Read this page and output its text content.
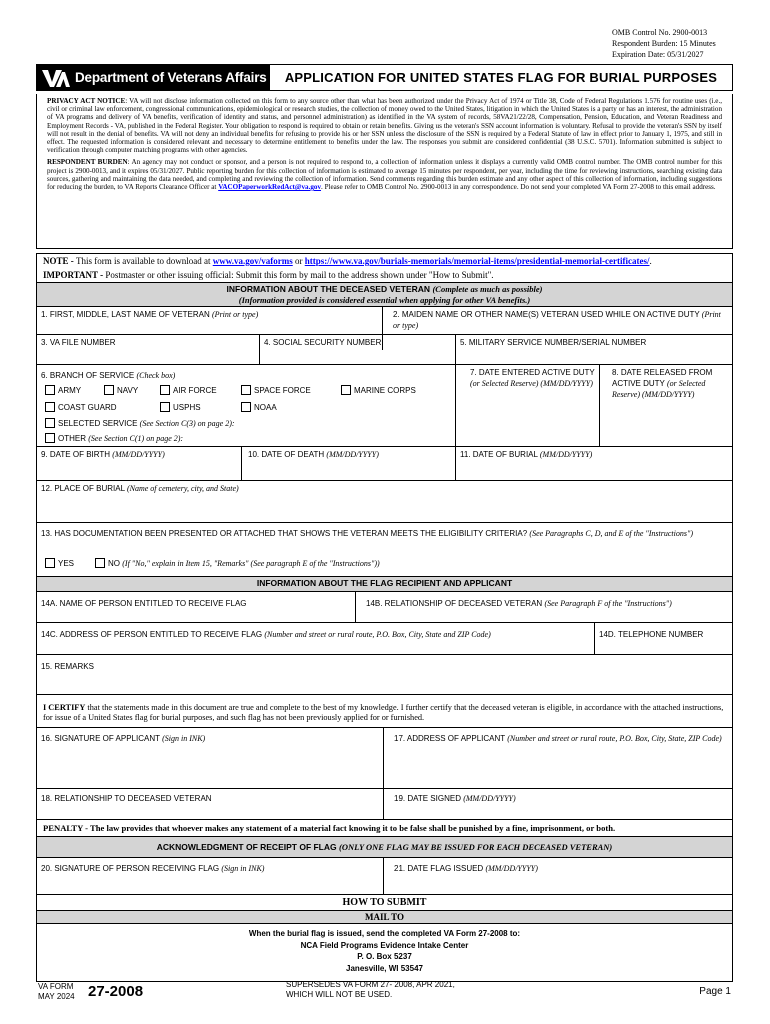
OMB Control No. 2900-0013
Respondent Burden: 15 Minutes
Expiration Date: 05/31/2027
Department of Veterans Affairs	APPLICATION FOR UNITED STATES FLAG FOR BURIAL PURPOSES

PRIVACY ACT NOTICE: VA will not disclose information collected on this form to any source other than what has been authorized under the Privacy Act of 1974 or Title 38, Code of Federal Regulations 1.576 for routine uses (i.e., civil or criminal law enforcement, congressional communications, epidemiological or research studies, the collection of money owed to the United States, litigation in which the United States is a party or has an interest, the administration of VA programs and delivery of VA benefits, verification of identity and status, and personnel administration) as identified in the VA system of records, 58VA21/22/28, Compensation, Pension, Education, and Veteran Readiness and Employment Records - VA, published in the Federal Register. Your obligation to respond is required to obtain or retain benefits. Giving us the veteran's SSN account information is voluntary. Refusal to provide the veteran's SSN by itself will not result in the denial of benefits. VA will not deny an individual benefits for refusing to provide his or her SSN unless the disclosure of the SSN is required by a Federal Statute of law in effect prior to January 1, 1975, and still in effect. The requested information is considered relevant and necessary to determine entitlement to benefits under the law. The responses you submit are considered confidential (38 U.S.C. 5701). Information submitted is subject to verification through computer matching programs with other agencies.

RESPONDENT BURDEN: An agency may not conduct or sponsor, and a person is not required to respond to, a collection of information unless it displays a currently valid OMB control number. The OMB control number for this project is 2900-0013, and it expires 05/31/2027. Public reporting burden for this collection of information is estimated to average 15 minutes per respondent, per year, including the time for reviewing instructions, searching existing data sources, gathering and maintaining the data needed, and completing and reviewing the collection of information. Send comments regarding this burden estimate and any other aspect of this collection of information, including suggestions for reducing the burden, to VA Reports Clearance Officer at VACOPaperworkRedAct@va.gov. Please refer to OMB Control No. 2900-0013 in any correspondence. Do not send your completed VA Form 27-2008 to this email address.

NOTE - This form is available to download at www.va.gov/vaforms or https://www.va.gov/burials-memorials/memorial-items/presidential-memorial-certificates/.
IMPORTANT - Postmaster or other issuing official: Submit this form by mail to the address shown under "How to Submit".
INFORMATION ABOUT THE DECEASED VETERAN (Complete as much as possible)
(Information provided is considered essential when applying for other VA benefits.)
1. FIRST, MIDDLE, LAST NAME OF VETERAN (Print or type)	2. MAIDEN NAME OR OTHER NAME(S) VETERAN USED WHILE ON ACTIVE DUTY (Print or type)
3. VA FILE NUMBER	4. SOCIAL SECURITY NUMBER	5. MILITARY SERVICE NUMBER/SERIAL NUMBER
6. BRANCH OF SERVICE (Check box)
ARMY	NAVY	AIR FORCE	SPACE FORCE	MARINE CORPS
COAST GUARD	USPHS	NOAA
SELECTED SERVICE (See Section C(3) on page 2):
OTHER (See Section C(1) on page 2):
7. DATE ENTERED ACTIVE DUTY (or Selected Reserve) (MM/DD/YYYY)
8. DATE RELEASED FROM ACTIVE DUTY (or Selected Reserve) (MM/DD/YYYY)
9. DATE OF BIRTH (MM/DD/YYYY)	10. DATE OF DEATH (MM/DD/YYYY)	11. DATE OF BURIAL (MM/DD/YYYY)
12. PLACE OF BURIAL (Name of cemetery, city, and State)
13. HAS DOCUMENTATION BEEN PRESENTED OR ATTACHED THAT SHOWS THE VETERAN MEETS THE ELIGIBILITY CRITERIA? (See Paragraphs C, D, and E of the "Instructions")
YES	NO (If "No," explain in Item 15, "Remarks" (See paragraph E of the "Instructions"))
INFORMATION ABOUT THE FLAG RECIPIENT AND APPLICANT
14A. NAME OF PERSON ENTITLED TO RECEIVE FLAG	14B. RELATIONSHIP OF DECEASED VETERAN (See Paragraph F of the "Instructions")
14C. ADDRESS OF PERSON ENTITLED TO RECEIVE FLAG (Number and street or rural route, P.O. Box, City, State and ZIP Code)	14D. TELEPHONE NUMBER
15. REMARKS
I CERTIFY that the statements made in this document are true and complete to the best of my knowledge. I further certify that the deceased veteran is eligible, in accordance with the attached instructions, for issue of a United States flag for burial purposes, and such flag has not been previously applied for or furnished.
16. SIGNATURE OF APPLICANT (Sign in INK)	17. ADDRESS OF APPLICANT (Number and street or rural route, P.O. Box, City, State, ZIP Code)
18. RELATIONSHIP TO DECEASED VETERAN	19. DATE SIGNED (MM/DD/YYYY)
PENALTY - The law provides that whoever makes any statement of a material fact knowing it to be false shall be punished by a fine, imprisonment, or both.
ACKNOWLEDGMENT OF RECEIPT OF FLAG (ONLY ONE FLAG MAY BE ISSUED FOR EACH DECEASED VETERAN)
20. SIGNATURE OF PERSON RECEIVING FLAG (Sign in INK)	21. DATE FLAG ISSUED (MM/DD/YYYY)
HOW TO SUBMIT
MAIL TO
When the burial flag is issued, send the completed VA Form 27-2008 to:
NCA Field Programs Evidence Intake Center
P. O. Box 5237
Janesville, WI 53547
VA FORM
MAY 2024 27-2008	SUPERSEDES VA FORM 27- 2008, APR 2021,
WHICH WILL NOT BE USED.	Page 1
